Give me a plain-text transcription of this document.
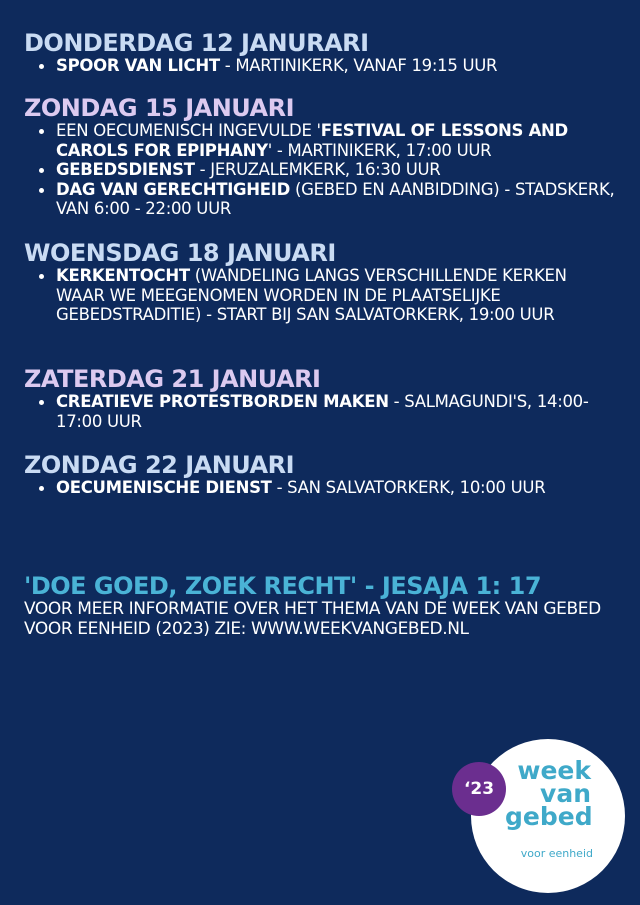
DONDERDAG 12 JANURARI
SPOOR VAN LICHT - MARTINIKERK, VANAF 19:15 UUR
ZONDAG 15 JANUARI
EEN OECUMENISCH INGEVULDE 'FESTIVAL OF LESSONS AND CAROLS FOR EPIPHANY' - MARTINIKERK, 17:00 UUR
GEBEDSDIENST - JERUZALEMKERK, 16:30 UUR
DAG VAN GERECHTIGHEID (GEBED EN AANBIDDING) - STADSKERK, VAN 6:00 - 22:00 UUR
WOENSDAG 18 JANUARI
KERKENTOCHT (WANDELING LANGS VERSCHILLENDE KERKEN WAAR WE MEEGENOMEN WORDEN IN DE PLAATSELIJKE GEBEDSTRADITIE) - START BIJ SAN SALVATORKERK, 19:00 UUR
ZATERDAG 21 JANUARI
CREATIEVE PROTESTBORDEN MAKEN - SALMAGUNDI'S, 14:00-17:00 UUR
ZONDAG 22 JANUARI
OECUMENISCHE DIENST - SAN SALVATORKERK, 10:00 UUR
'DOE GOED, ZOEK RECHT' - JESAJA 1: 17

VOOR MEER INFORMATIE OVER HET THEMA VAN DE WEEK VAN GEBED VOOR EENHEID (2023) ZIE: WWW.WEEKVANGEBED.NL

‘23
week
van
gebed
voor eenheid
